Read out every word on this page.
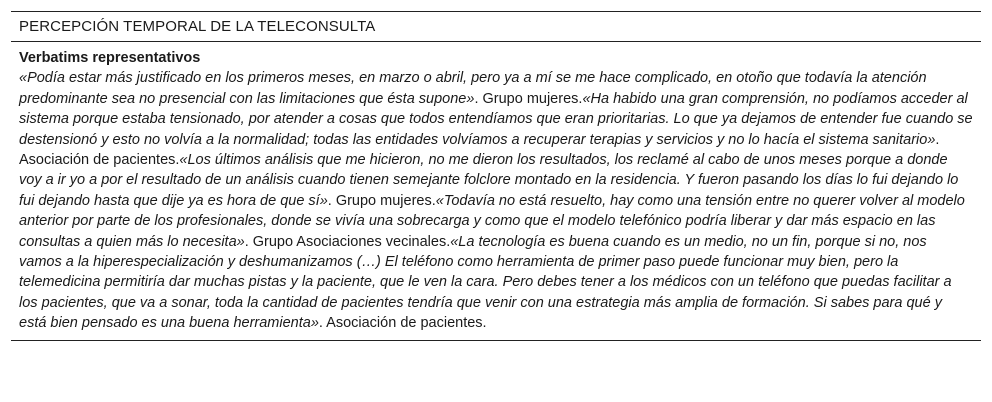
PERCEPCIÓN TEMPORAL DE LA TELECONSULTA
Verbatims representativos
«Podía estar más justificado en los primeros meses, en marzo o abril, pero ya a mí se me hace complicado, en otoño que todavía la atención predominante sea no presencial con las limitaciones que ésta supone». Grupo mujeres.«Ha habido una gran comprensión, no podíamos acceder al sistema porque estaba tensionado, por atender a cosas que todos entendíamos que eran prioritarias. Lo que ya dejamos de entender fue cuando se destensionó y esto no volvía a la normalidad; todas las entidades volvíamos a recuperar terapias y servicios y no lo hacía el sistema sanitario». Asociación de pacientes.«Los últimos análisis que me hicieron, no me dieron los resultados, los reclamé al cabo de unos meses porque a donde voy a ir yo a por el resultado de un análisis cuando tienen semejante folclore montado en la residencia. Y fueron pasando los días lo fui dejando lo fui dejando hasta que dije ya es hora de que sí». Grupo mujeres.«Todavía no está resuelto, hay como una tensión entre no querer volver al modelo anterior por parte de los profesionales, donde se vivía una sobrecarga y como que el modelo telefónico podría liberar y dar más espacio en las consultas a quien más lo necesita». Grupo Asociaciones vecinales.«La tecnología es buena cuando es un medio, no un fin, porque si no, nos vamos a la hiperespecialización y deshumanizamos (…) El teléfono como herramienta de primer paso puede funcionar muy bien, pero la telemedicina permitiría dar muchas pistas y la paciente, que le ven la cara. Pero debes tener a los médicos con un teléfono que puedas facilitar a los pacientes, que va a sonar, toda la cantidad de pacientes tendría que venir con una estrategia más amplia de formación. Si sabes para qué y está bien pensado es una buena herramienta». Asociación de pacientes.
